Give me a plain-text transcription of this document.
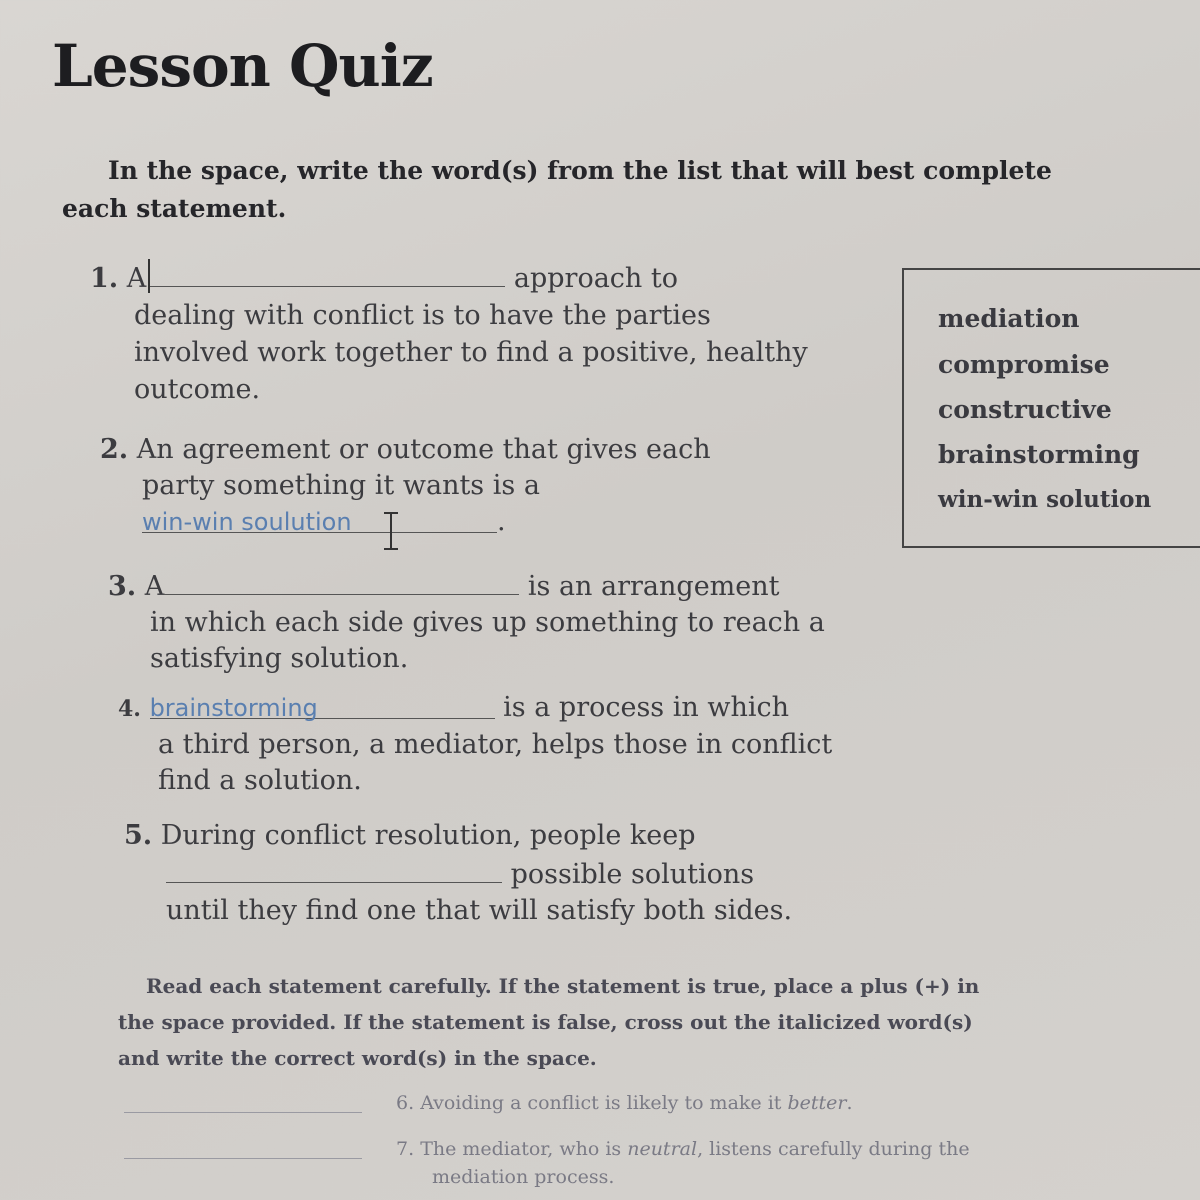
Lesson Quiz
In the space, write the word(s) from the list that will best complete each statement.
1. A	approach to
dealing with conflict is to have the parties
involved work together to find a positive, healthy
outcome.
2. An agreement or outcome that gives each
party something it wants is a
win-win soulution	.
mediation
compromise
constructive
brainstorming
win-win solution
3. A	is an arrangement
in which each side gives up something to reach a
satisfying solution.
4. brainstorming	is a process in which
a third person, a mediator, helps those in conflict
find a solution.
5. During conflict resolution, people keep
possible solutions
until they find one that will satisfy both sides.
Read each statement carefully. If the statement is true, place a plus (+) in the space provided. If the statement is false, cross out the italicized word(s) and write the correct word(s) in the space.
6. Avoiding a conflict is likely to make it better.
7. The mediator, who is neutral, listens carefully during the
mediation process.
